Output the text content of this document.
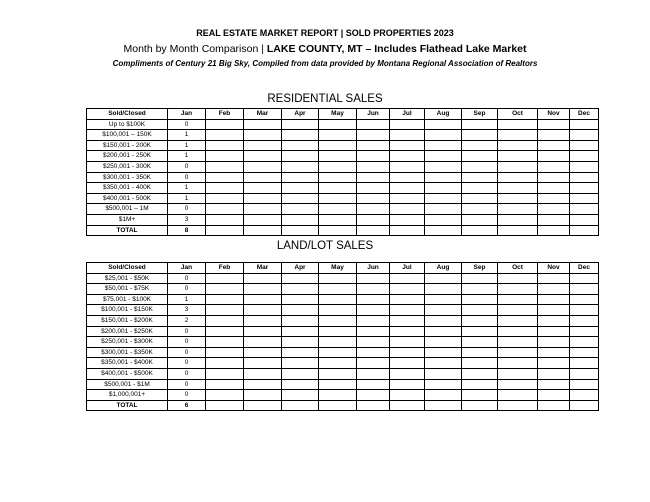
REAL ESTATE MARKET REPORT | SOLD PROPERTIES 2023
Month by Month Comparison | LAKE COUNTY, MT – Includes Flathead Lake Market
Compliments of Century 21 Big Sky, Compiled from data provided by Montana Regional Association of Realtors
RESIDENTIAL SALES
Sold/Closed	Jan	Feb	Mar	Apr	May	Jun	Jul	Aug	Sep	Oct	Nov	Dec
Up to $100K	0											
$100,001 – 150K	1											
$150,001 - 200K	1											
$200,001 - 250K	1											
$250,001 - 300K	0											
$300,001 - 350K	0											
$350,001 - 400K	1											
$400,001 - 500K	1											
$500,001 – 1M	0											
$1M+	3											
TOTAL	8											
LAND/LOT SALES
Sold/Closed	Jan	Feb	Mar	Apr	May	Jun	Jul	Aug	Sep	Oct	Nov	Dec
$25,001 - $50K	0											
$50,001 - $75K	0											
$75,001 - $100K	1											
$100,001 - $150K	3											
$150,001 - $200K	2											
$200,001 - $250K	0											
$250,001 - $300K	0											
$300,001 - $350K	0											
$350,001 - $400K	0											
$400,001 - $500K	0											
$500,001 - $1M	0											
$1,000,001+	0											
TOTAL	6											
